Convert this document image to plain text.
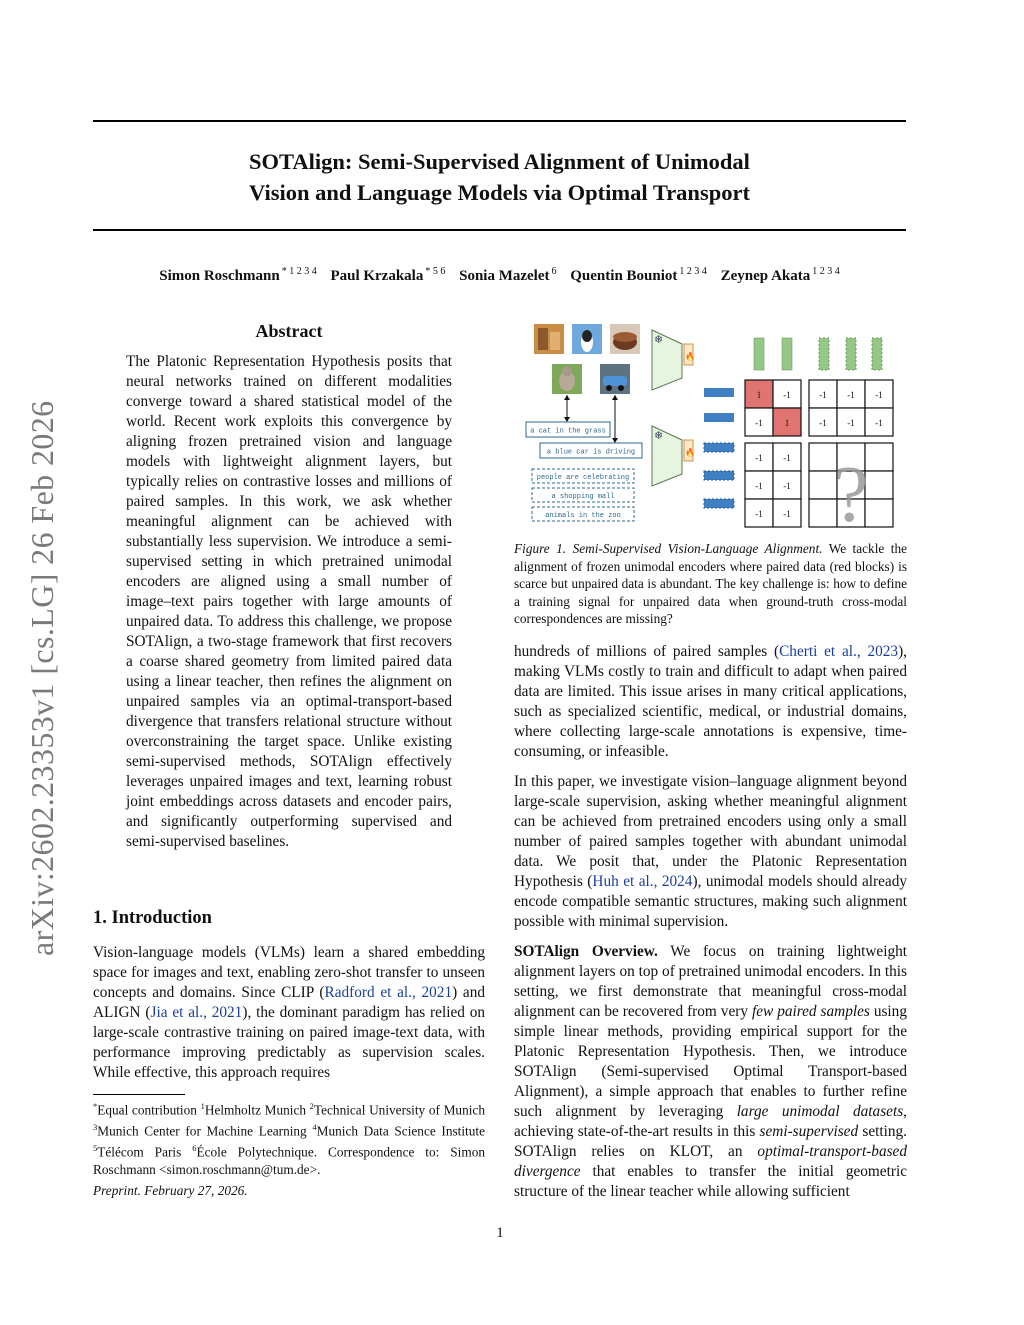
SOTAlign: Semi-Supervised Alignment of Unimodal
Vision and Language Models via Optimal Transport
Simon Roschmann $^{* 1 2 3 4}$ Paul Krzakala $^{* 5 6}$ Sonia Mazelet $^6$ Quentin Bouniot $^{1 2 3 4}$ Zeynep Akata $^{1 2 3 4}$
arXiv:2602.23353v1 [cs.LG] 26 Feb 2026
Abstract

The Platonic Representation Hypothesis posits that neural networks trained on different modalities converge toward a shared statistical model of the world. Recent work exploits this convergence by aligning frozen pretrained vision and language models with lightweight alignment layers, but typically relies on contrastive losses and millions of paired samples. In this work, we ask whether meaningful alignment can be achieved with substantially less supervision. We introduce a semi-supervised setting in which pretrained unimodal encoders are aligned using a small number of image–text pairs together with large amounts of unpaired data. To address this challenge, we propose SOTAlign, a two-stage framework that first recovers a coarse shared geometry from limited paired data using a linear teacher, then refines the alignment on unpaired samples via an optimal-transport-based divergence that transfers relational structure without overconstraining the target space. Unlike existing semi-supervised methods, SOTAlign effectively leverages unpaired images and text, learning robust joint embeddings across datasets and encoder pairs, and significantly outperforming supervised and semi-supervised baselines.

1. Introduction

Vision-language models (VLMs) learn a shared embedding space for images and text, enabling zero-shot transfer to unseen concepts and domains. Since CLIP (Radford et al., 2021) and ALIGN (Jia et al., 2021), the dominant paradigm has relied on large-scale contrastive training on paired image-text data, with performance improving predictably as supervision scales. While effective, this approach requires

*Equal contribution $^1$Helmholtz Munich $^2$Technical University of Munich $^3$Munich Center for Machine Learning $^4$Munich Data Science Institute $^5$Télécom Paris $^6$École Polytechnique. Correspondence to: Simon Roschmann <simon.roschmann@tum.de>.

Preprint. February 27, 2026.

a cat in the grass
a blue car is driving
people are celebrating
a shopping mall
animals in the zoo
❄
🔥
❄
🔥
1 -1
-1 1
-1 -1 -1
-1 -1 -1
-1 -1
-1 -1
-1 -1 ?

Figure 1. Semi-Supervised Vision-Language Alignment. We tackle the alignment of frozen unimodal encoders where paired data (red blocks) is scarce but unpaired data is abundant. The key challenge is: how to define a training signal for unpaired data when ground-truth cross-modal correspondences are missing?

hundreds of millions of paired samples (Cherti et al., 2023), making VLMs costly to train and difficult to adapt when paired data are limited. This issue arises in many critical applications, such as specialized scientific, medical, or industrial domains, where collecting large-scale annotations is expensive, time-consuming, or infeasible.

In this paper, we investigate vision–language alignment beyond large-scale supervision, asking whether meaningful alignment can be achieved from pretrained encoders using only a small number of paired samples together with abundant unimodal data. We posit that, under the Platonic Representation Hypothesis (Huh et al., 2024), unimodal models should already encode compatible semantic structures, making such alignment possible with minimal supervision.

SOTAlign Overview. We focus on training lightweight alignment layers on top of pretrained unimodal encoders. In this setting, we first demonstrate that meaningful cross-modal alignment can be recovered from very few paired samples using simple linear methods, providing empirical support for the Platonic Representation Hypothesis. Then, we introduce SOTAlign (Semi-supervised Optimal Transport-based Alignment), a simple approach that enables to further refine such alignment by leveraging large unimodal datasets, achieving state-of-the-art results in this semi-supervised setting. SOTAlign relies on KLOT, an optimal-transport-based divergence that enables to transfer the initial geometric structure of the linear teacher while allowing sufficient

1
